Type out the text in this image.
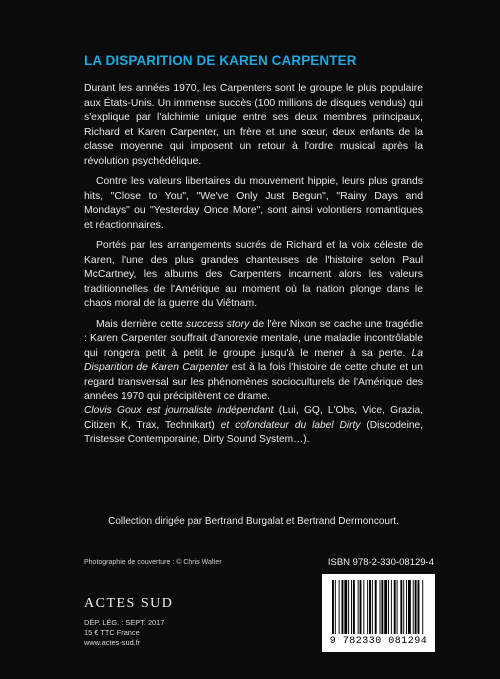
LA DISPARITION DE KAREN CARPENTER

Durant les années 1970, les Carpenters sont le groupe le plus populaire aux États-Unis. Un immense succès (100 millions de disques vendus) qui s'explique par l'alchimie unique entre ses deux membres principaux, Richard et Karen Carpenter, un frère et une sœur, deux enfants de la classe moyenne qui imposent un retour à l'ordre musical après la révolution psychédélique.

Contre les valeurs libertaires du mouvement hippie, leurs plus grands hits, "Close to You", "We've Only Just Begun", "Rainy Days and Mondays" ou "Yesterday Once More", sont ainsi volontiers romantiques et réactionnaires.

Portés par les arrangements sucrés de Richard et la voix céleste de Karen, l'une des plus grandes chanteuses de l'histoire selon Paul McCartney, les albums des Carpenters incarnent alors les valeurs traditionnelles de l'Amérique au moment où la nation plonge dans le chaos moral de la guerre du Viêtnam.

Mais derrière cette success story de l'ère Nixon se cache une tragédie : Karen Carpenter souffrait d'anorexie mentale, une maladie incontrôlable qui rongera petit à petit le groupe jusqu'à le mener à sa perte. La Disparition de Karen Carpenter est à la fois l'histoire de cette chute et un regard transversal sur les phénomènes socioculturels de l'Amérique des années 1970 qui précipitèrent ce drame.

Clovis Goux est journaliste indépendant (Lui, GQ, L'Obs, Vice, Grazia, Citizen K, Trax, Technikart) et cofondateur du label Dirty (Discodeine, Tristesse Contemporaine, Dirty Sound System…).

Collection dirigée par Bertrand Burgalat et Bertrand Dermoncourt.

Photographie de couverture : © Chris Walter

ACTES SUD

DÉP. LÉG. : SEPT. 2017

15 € TTC France

www.actes-sud.fr

ISBN 978-2-330-08129-4

9 782330 081294
